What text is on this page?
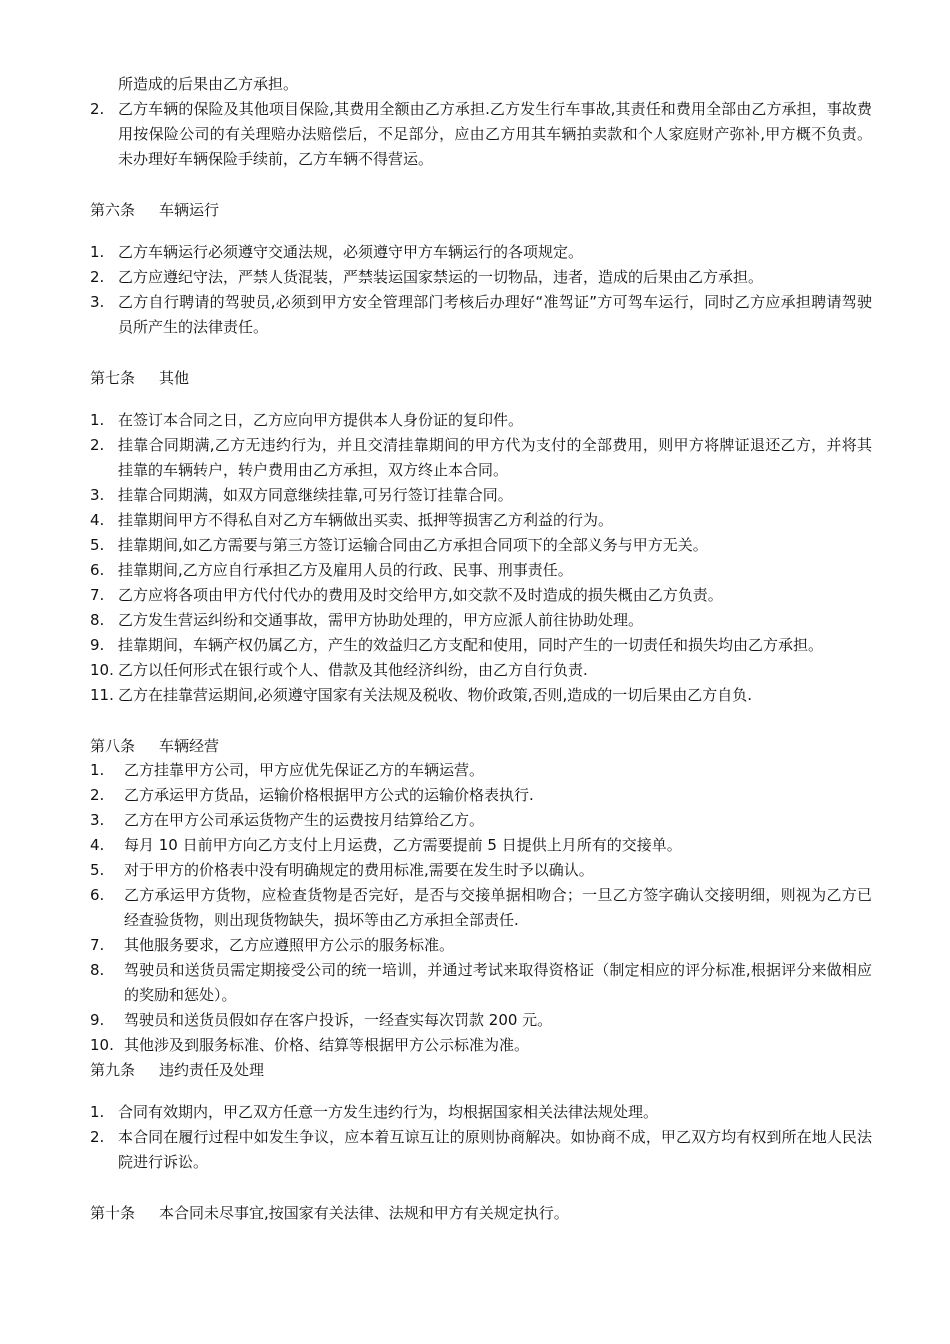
所造成的后果由乙方承担。
2. 乙方车辆的保险及其他项目保险,其费用全额由乙方承担.乙方发生行车事故,其责任和费用全部由乙方承担，事故费用按保险公司的有关理赔办法赔偿后，不足部分，应由乙方用其车辆拍卖款和个人家庭财产弥补,甲方概不负责。未办理好车辆保险手续前，乙方车辆不得营运。
第六条 车辆运行
1. 乙方车辆运行必须遵守交通法规，必须遵守甲方车辆运行的各项规定。
2. 乙方应遵纪守法，严禁人货混装，严禁装运国家禁运的一切物品，违者，造成的后果由乙方承担。
3. 乙方自行聘请的驾驶员,必须到甲方安全管理部门考核后办理好“准驾证”方可驾车运行，同时乙方应承担聘请驾驶员所产生的法律责任。
第七条 其他
1. 在签订本合同之日，乙方应向甲方提供本人身份证的复印件。
2. 挂靠合同期满,乙方无违约行为，并且交清挂靠期间的甲方代为支付的全部费用，则甲方将牌证退还乙方，并将其挂靠的车辆转户，转户费用由乙方承担，双方终止本合同。
3. 挂靠合同期满，如双方同意继续挂靠,可另行签订挂靠合同。
4. 挂靠期间甲方不得私自对乙方车辆做出买卖、抵押等损害乙方利益的行为。
5. 挂靠期间,如乙方需要与第三方签订运输合同由乙方承担合同项下的全部义务与甲方无关。
6. 挂靠期间,乙方应自行承担乙方及雇用人员的行政、民事、刑事责任。
7. 乙方应将各项由甲方代付代办的费用及时交给甲方,如交款不及时造成的损失概由乙方负责。
8. 乙方发生营运纠纷和交通事故，需甲方协助处理的，甲方应派人前往协助处理。
9. 挂靠期间，车辆产权仍属乙方，产生的效益归乙方支配和使用，同时产生的一切责任和损失均由乙方承担。
10. 乙方以任何形式在银行或个人、借款及其他经济纠纷，由乙方自行负责.
11. 乙方在挂靠营运期间,必须遵守国家有关法规及税收、物价政策,否则,造成的一切后果由乙方自负.
第八条 车辆经营
1.	乙方挂靠甲方公司，甲方应优先保证乙方的车辆运营。
2.	乙方承运甲方货品，运输价格根据甲方公式的运输价格表执行.
3.	乙方在甲方公司承运货物产生的运费按月结算给乙方。
4.	每月 10 日前甲方向乙方支付上月运费，乙方需要提前 5 日提供上月所有的交接单。
5.	对于甲方的价格表中没有明确规定的费用标准,需要在发生时予以确认。
6.	乙方承运甲方货物，应检查货物是否完好，是否与交接单据相吻合；一旦乙方签字确认交接明细，则视为乙方已经查验货物，则出现货物缺失，损坏等由乙方承担全部责任.
7.	其他服务要求，乙方应遵照甲方公示的服务标准。
8.	驾驶员和送货员需定期接受公司的统一培训，并通过考试来取得资格证（制定相应的评分标准,根据评分来做相应的奖励和惩处）。
9.	驾驶员和送货员假如存在客户投诉，一经查实每次罚款 200 元。
10. 其他涉及到服务标准、价格、结算等根据甲方公示标准为准。
第九条 违约责任及处理
1. 合同有效期内，甲乙双方任意一方发生违约行为，均根据国家相关法律法规处理。
2. 本合同在履行过程中如发生争议，应本着互谅互让的原则协商解决。如协商不成，甲乙双方均有权到所在地人民法院进行诉讼。
第十条 本合同未尽事宜,按国家有关法律、法规和甲方有关规定执行。
